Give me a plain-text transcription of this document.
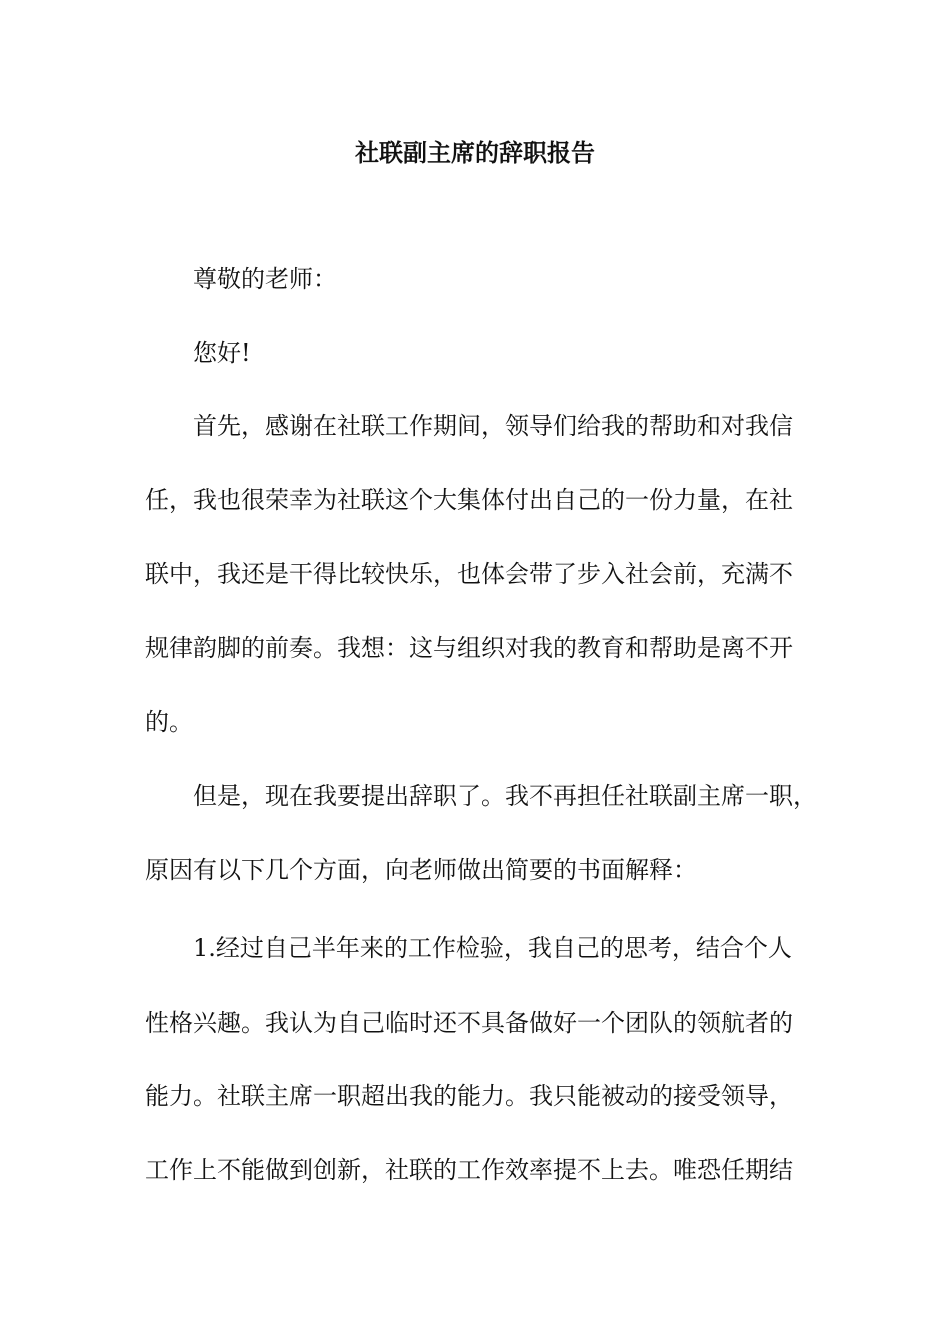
社联副主席的辞职报告
尊敬的老师：
您好!
首先，感谢在社联工作期间，领导们给我的帮助和对我信
任，我也很荣幸为社联这个大集体付出自己的一份力量，在社
联中，我还是干得比较快乐，也体会带了步入社会前，充满不
规律韵脚的前奏。我想：这与组织对我的教育和帮助是离不开
的。
但是，现在我要提出辞职了。我不再担任社联副主席一职，
原因有以下几个方面，向老师做出简要的书面解释：
1.经过自己半年来的工作检验，我自己的思考，结合个人
性格兴趣。我认为自己临时还不具备做好一个团队的领航者的
能力。社联主席一职超出我的能力。我只能被动的接受领导，
工作上不能做到创新，社联的工作效率提不上去。唯恐任期结
